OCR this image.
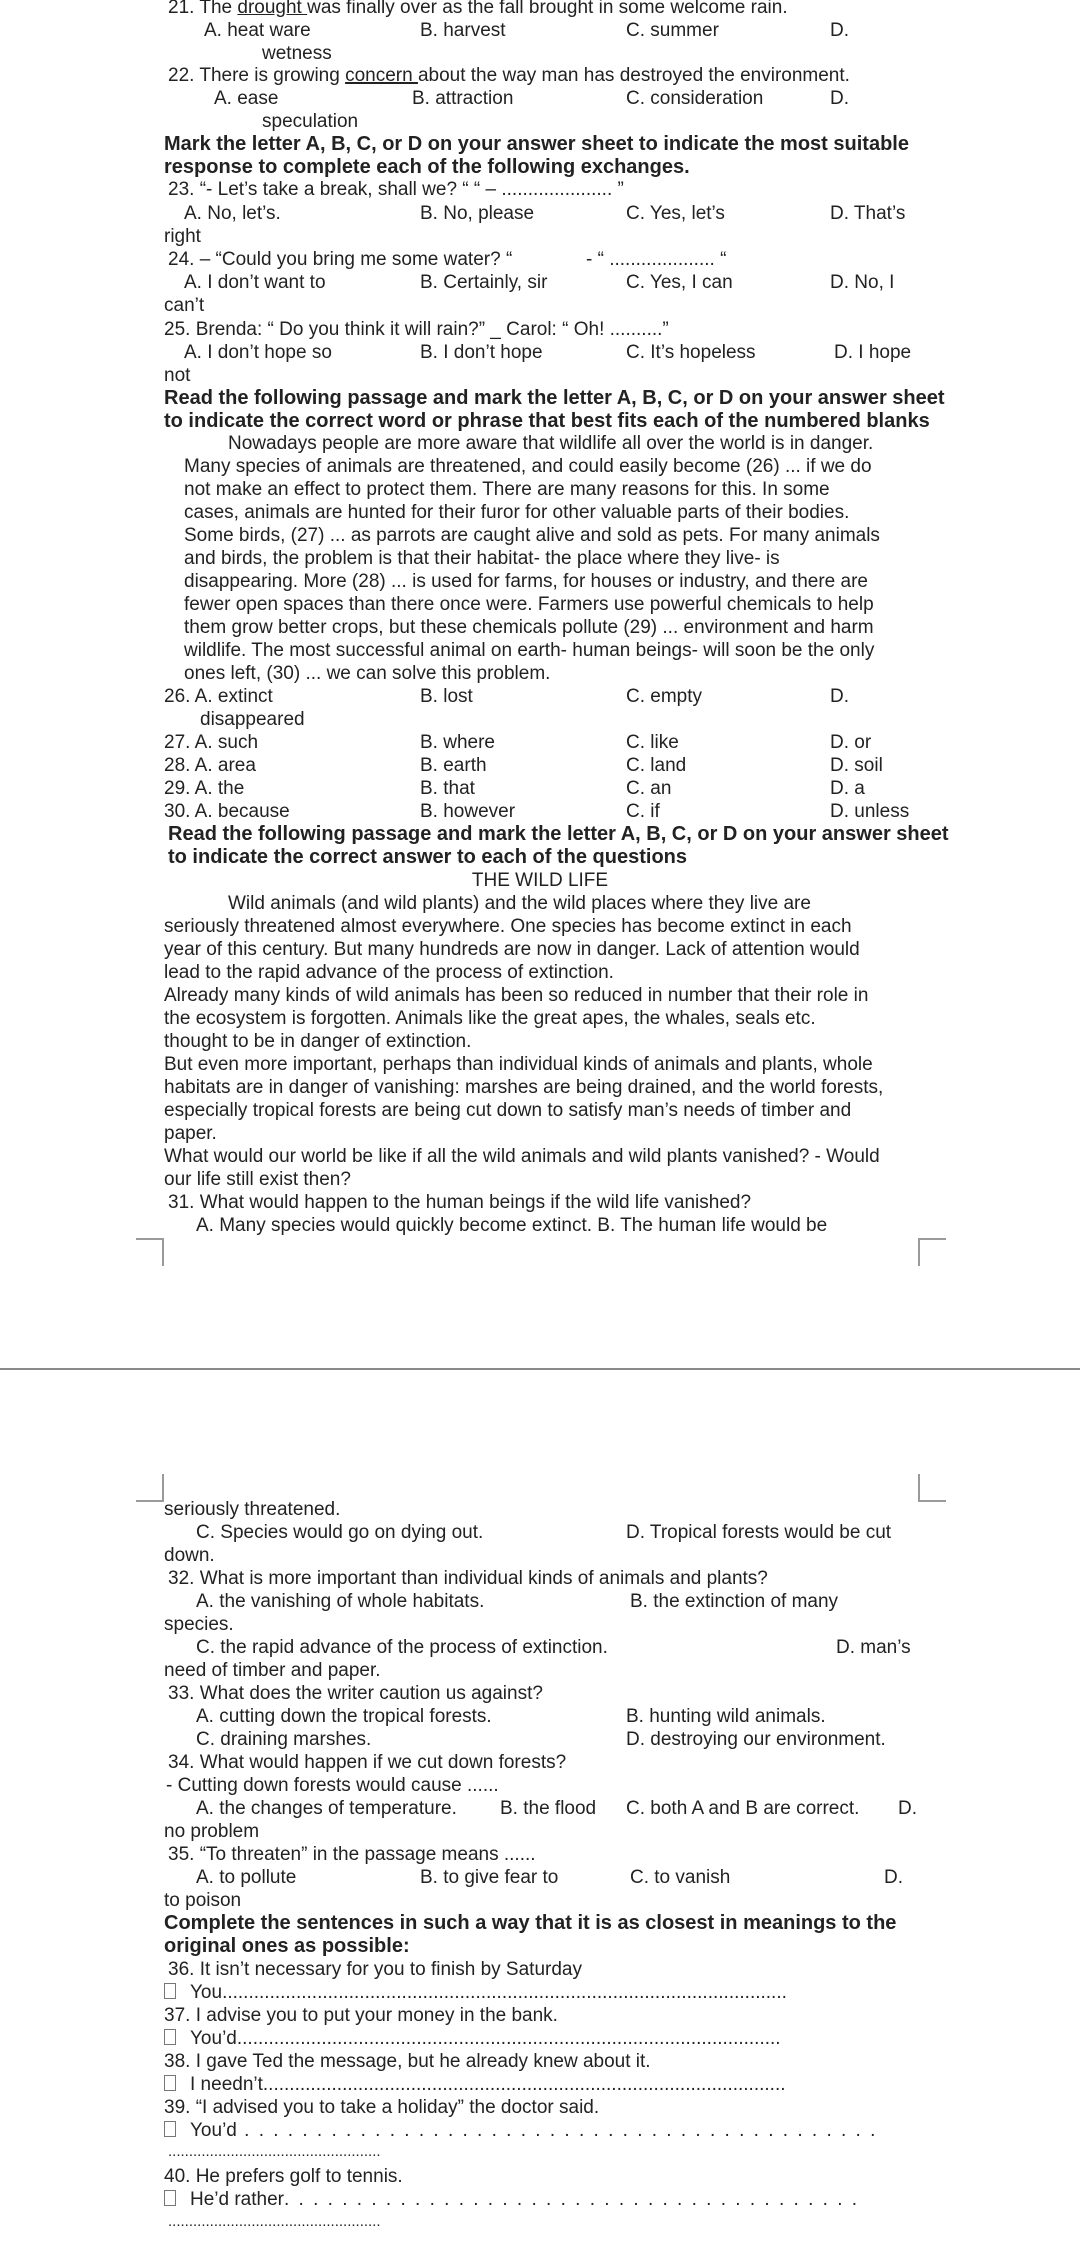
21. The drought was finally over as the fall brought in some welcome rain.
A. heat ware	B. harvest	C. summer	D.
wetness
22. There is growing concern about the way man has destroyed the environment.
A. ease	B. attraction	C. consideration	D.
speculation
Mark the letter A, B, C, or D on your answer sheet to indicate the most suitable
response to complete each of the following exchanges.
23. “- Let’s take a break, shall we? “ “ – ..................... ”
A. No, let’s.	B. No, please	C. Yes, let’s	D. That’s
right
24. – “Could you bring me some water? “	- “ .................... “
A. I don’t want to	B. Certainly, sir	C. Yes, I can	D. No, I
can’t
25. Brenda: “ Do you think it will rain?” _ Carol: “ Oh! ..........”
A. I don’t hope so	B. I don’t hope	C. It’s hopeless	D. I hope
not
Read the following passage and mark the letter A, B, C, or D on your answer sheet
to indicate the correct word or phrase that best fits each of the numbered blanks
Nowadays people are more aware that wildlife all over the world is in danger.
Many species of animals are threatened, and could easily become (26) ... if we do
not make an effect to protect them. There are many reasons for this. In some
cases, animals are hunted for their furor for other valuable parts of their bodies.
Some birds, (27) ... as parrots are caught alive and sold as pets. For many animals
and birds, the problem is that their habitat- the place where they live- is
disappearing. More (28) ... is used for farms, for houses or industry, and there are
fewer open spaces than there once were. Farmers use powerful chemicals to help
them grow better crops, but these chemicals pollute (29) ... environment and harm
wildlife. The most successful animal on earth- human beings- will soon be the only
ones left, (30) ... we can solve this problem.
26. A. extinct	B. lost	C. empty	D.
disappeared
27. A. such	B. where	C. like	D. or
28. A. area	B. earth	C. land	D. soil
29. A. the	B. that	C. an	D. a
30. A. because	B. however	C. if	D. unless
Read the following passage and mark the letter A, B, C, or D on your answer sheet
to indicate the correct answer to each of the questions
THE WILD LIFE
Wild animals (and wild plants) and the wild places where they live are
seriously threatened almost everywhere. One species has become extinct in each
year of this century. But many hundreds are now in danger. Lack of attention would
lead to the rapid advance of the process of extinction.
Already many kinds of wild animals has been so reduced in number that their role in
the ecosystem is forgotten. Animals like the great apes, the whales, seals etc.
thought to be in danger of extinction.
But even more important, perhaps than individual kinds of animals and plants, whole
habitats are in danger of vanishing: marshes are being drained, and the world forests,
especially tropical forests are being cut down to satisfy man’s needs of timber and
paper.
What would our world be like if all the wild animals and wild plants vanished? - Would
our life still exist then?
31. What would happen to the human beings if the wild life vanished?
A. Many species would quickly become extinct. B. The human life would be
seriously threatened.
C. Species would go on dying out.	D. Tropical forests would be cut
down.
32. What is more important than individual kinds of animals and plants?
A. the vanishing of whole habitats.	B. the extinction of many
species.
C. the rapid advance of the process of extinction.	D. man’s
need of timber and paper.
33. What does the writer caution us against?
A. cutting down the tropical forests.	B. hunting wild animals.
C. draining marshes.	D. destroying our environment.
34. What would happen if we cut down forests?
- Cutting down forests would cause ......
A. the changes of temperature. B. the flood C. both A and B are correct. D.
no problem
35. “To threaten” in the passage means ......
A. to pollute	B. to give fear to	C. to vanish	D.
to poison
Complete the sentences in such a way that it is as closest in meanings to the
original ones as possible:
36. It isn’t necessary for you to finish by Saturday
You...........................................................................................................
37. I advise you to put your money in the bank.
You’d.......................................................................................................
38. I gave Ted the message, but he already knew about it.
I needn’t...................................................................................................
39. “I advised you to take a holiday” the doctor said.
You’d . . . . . . . . . . . . . . . . . . . . . . . . . . . . . . . . . . . . . . . . . . . .
...................................................
40. He prefers golf to tennis.
He’d rather. . . . . . . . . . . . . . . . . . . . . . . . . . . . . . . . . . . . . . . .
...................................................
